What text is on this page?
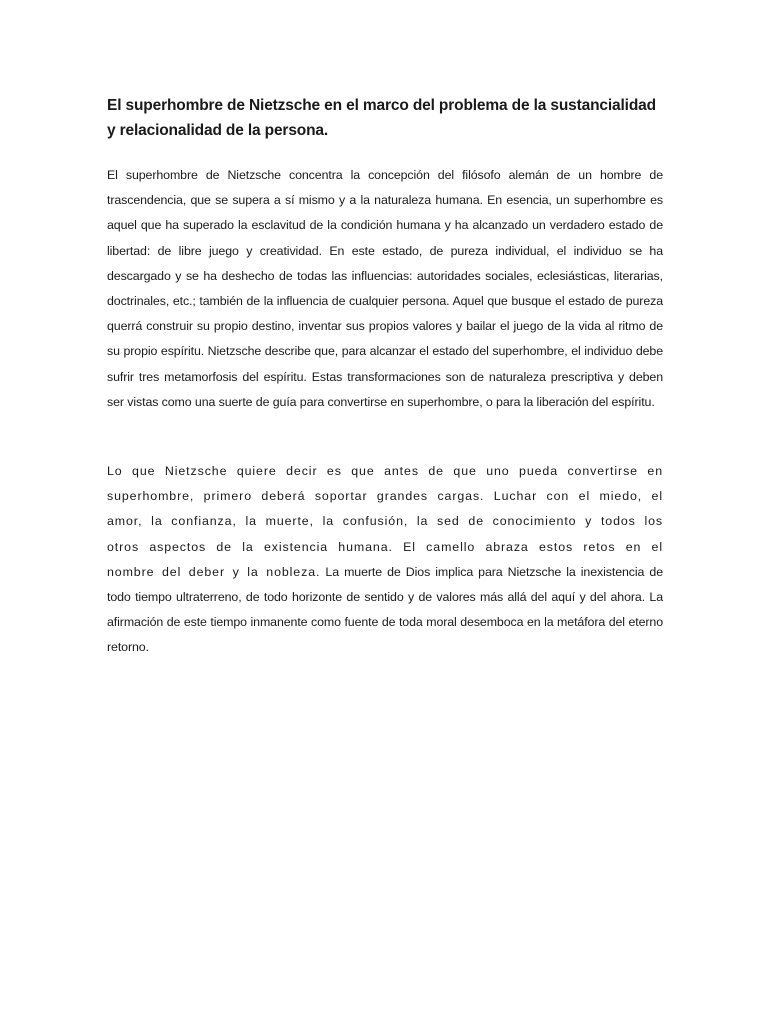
El superhombre de Nietzsche en el marco del problema de la sustancialidad y relacionalidad de la persona.

El superhombre de Nietzsche concentra la concepción del filósofo alemán de un hombre de trascendencia, que se supera a sí mismo y a la naturaleza humana. En esencia, un superhombre es aquel que ha superado la esclavitud de la condición humana y ha alcanzado un verdadero estado de libertad: de libre juego y creatividad. En este estado, de pureza individual, el individuo se ha descargado y se ha deshecho de todas las influencias: autoridades sociales, eclesiásticas, literarias, doctrinales, etc.; también de la influencia de cualquier persona. Aquel que busque el estado de pureza querrá construir su propio destino, inventar sus propios valores y bailar el juego de la vida al ritmo de su propio espíritu. Nietzsche describe que, para alcanzar el estado del superhombre, el individuo debe sufrir tres metamorfosis del espíritu. Estas transformaciones son de naturaleza prescriptiva y deben ser vistas como una suerte de guía para convertirse en superhombre, o para la liberación del espíritu.

Lo que Nietzsche quiere decir es que antes de que uno pueda convertirse en superhombre, primero deberá soportar grandes cargas. Luchar con el miedo, el amor, la confianza, la muerte, la confusión, la sed de conocimiento y todos los otros aspectos de la existencia humana. El camello abraza estos retos en el nombre del deber y la nobleza. La muerte de Dios implica para Nietzsche la inexistencia de todo tiempo ultraterreno, de todo horizonte de sentido y de valores más allá del aquí y del ahora. La afirmación de este tiempo inmanente como fuente de toda moral desemboca en la metáfora del eterno retorno.
